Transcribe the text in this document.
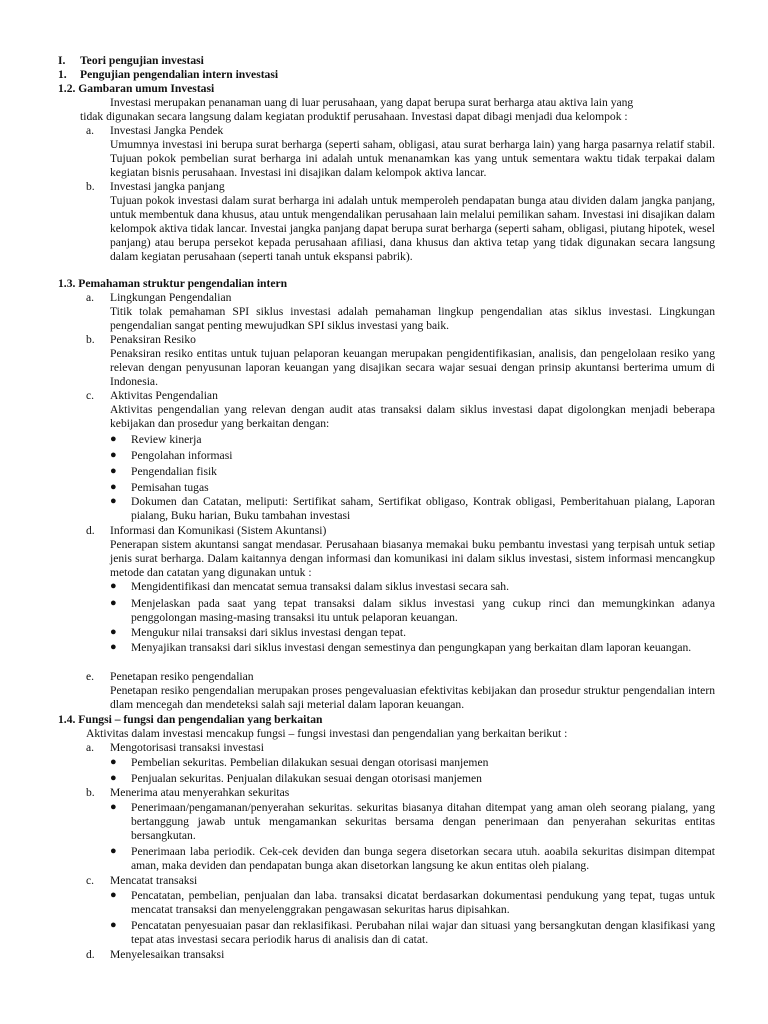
I. Teori pengujian investasi
1. Pengujian pengendalian intern investasi
1.2. Gambaran umum Investasi
Investasi merupakan penanaman uang di luar perusahaan, yang dapat berupa surat berharga atau aktiva lain yang
tidak digunakan secara langsung dalam kegiatan produktif perusahaan. Investasi dapat dibagi menjadi dua kelompok :
a. Investasi Jangka Pendek
Umumnya investasi ini berupa surat berharga (seperti saham, obligasi, atau surat berharga lain) yang harga pasarnya relatif stabil. Tujuan pokok pembelian surat berharga ini adalah untuk menanamkan kas yang untuk sementara waktu tidak terpakai dalam kegiatan bisnis perusahaan. Investasi ini disajikan dalam kelompok aktiva lancar.
b. Investasi jangka panjang
Tujuan pokok investasi dalam surat berharga ini adalah untuk memperoleh pendapatan bunga atau dividen dalam jangka panjang, untuk membentuk dana khusus, atau untuk mengendalikan perusahaan lain melalui pemilikan saham. Investasi ini disajikan dalam kelompok aktiva tidak lancar. Investai jangka panjang dapat berupa surat berharga (seperti saham, obligasi, piutang hipotek, wesel panjang) atau berupa persekot kepada perusahaan afiliasi, dana khusus dan aktiva tetap yang tidak digunakan secara langsung dalam kegiatan perusahaan (seperti tanah untuk ekspansi pabrik).
1.3. Pemahaman struktur pengendalian intern
a. Lingkungan Pengendalian
Titik tolak pemahaman SPI siklus investasi adalah pemahaman lingkup pengendalian atas siklus investasi. Lingkungan pengendalian sangat penting mewujudkan SPI siklus investasi yang baik.
b. Penaksiran Resiko
Penaksiran resiko entitas untuk tujuan pelaporan keuangan merupakan pengidentifikasian, analisis, dan pengelolaan resiko yang relevan dengan penyusunan laporan keuangan yang disajikan secara wajar sesuai dengan prinsip akuntansi berterima umum di Indonesia.
c. Aktivitas Pengendalian
Aktivitas pengendalian yang relevan dengan audit atas transaksi dalam siklus investasi dapat digolongkan menjadi beberapa kebijakan dan prosedur yang berkaitan dengan:
● Review kinerja
● Pengolahan informasi
● Pengendalian fisik
● Pemisahan tugas
● Dokumen dan Catatan, meliputi: Sertifikat saham, Sertifikat obligaso, Kontrak obligasi, Pemberitahuan pialang, Laporan pialang, Buku harian, Buku tambahan investasi
d. Informasi dan Komunikasi (Sistem Akuntansi)
Penerapan sistem akuntansi sangat mendasar. Perusahaan biasanya memakai buku pembantu investasi yang terpisah untuk setiap jenis surat berharga. Dalam kaitannya dengan informasi dan komunikasi ini dalam siklus investasi, sistem informasi mencangkup metode dan catatan yang digunakan untuk :
● Mengidentifikasi dan mencatat semua transaksi dalam siklus investasi secara sah.
● Menjelaskan pada saat yang tepat transaksi dalam siklus investasi yang cukup rinci dan memungkinkan adanya penggolongan masing-masing transaksi itu untuk pelaporan keuangan.
● Mengukur nilai transaksi dari siklus investasi dengan tepat.
● Menyajikan transaksi dari siklus investasi dengan semestinya dan pengungkapan yang berkaitan dlam laporan keuangan.
e. Penetapan resiko pengendalian
Penetapan resiko pengendalian merupakan proses pengevaluasian efektivitas kebijakan dan prosedur struktur pengendalian intern dlam mencegah dan mendeteksi salah saji meterial dalam laporan keuangan.
1.4. Fungsi – fungsi dan pengendalian yang berkaitan
Aktivitas dalam investasi mencakup fungsi – fungsi investasi dan pengendalian yang berkaitan berikut :
a. Mengotorisasi transaksi investasi
● Pembelian sekuritas. Pembelian dilakukan sesuai dengan otorisasi manjemen
● Penjualan sekuritas. Penjualan dilakukan sesuai dengan otorisasi manjemen
b. Menerima atau menyerahkan sekuritas
● Penerimaan/pengamanan/penyerahan sekuritas. sekuritas biasanya ditahan ditempat yang aman oleh seorang pialang, yang bertanggung jawab untuk mengamankan sekuritas bersama dengan penerimaan dan penyerahan sekuritas entitas bersangkutan.
● Penerimaan laba periodik. Cek-cek deviden dan bunga segera disetorkan secara utuh. aoabila sekuritas disimpan ditempat aman, maka deviden dan pendapatan bunga akan disetorkan langsung ke akun entitas oleh pialang.
c. Mencatat transaksi
● Pencatatan, pembelian, penjualan dan laba. transaksi dicatat berdasarkan dokumentasi pendukung yang tepat, tugas untuk mencatat transaksi dan menyelenggrakan pengawasan sekuritas harus dipisahkan.
● Pencatatan penyesuaian pasar dan reklasifikasi. Perubahan nilai wajar dan situasi yang bersangkutan dengan klasifikasi yang tepat atas investasi secara periodik harus di analisis dan di catat.
d. Menyelesaikan transaksi
